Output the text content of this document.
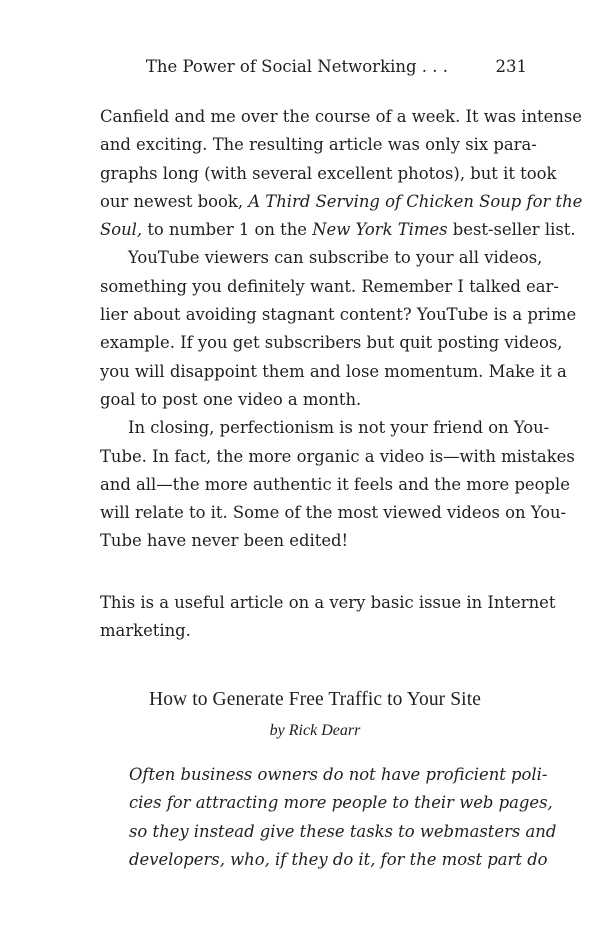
The Power of Social Networking . . .	231
Canfield and me over the course of a week. It was intense
and exciting. The resulting article was only six para-
graphs long (with several excellent photos), but it took
our newest book, A Third Serving of Chicken Soup for the
Soul, to number 1 on the New York Times best-seller list.
YouTube viewers can subscribe to your all videos,
something you definitely want. Remember I talked ear-
lier about avoiding stagnant content? YouTube is a prime
example. If you get subscribers but quit posting videos,
you will disappoint them and lose momentum. Make it a
goal to post one video a month.
In closing, perfectionism is not your friend on You-
Tube. In fact, the more organic a video is—with mistakes
and all—the more authentic it feels and the more people
will relate to it. Some of the most viewed videos on You-
Tube have never been edited!
This is a useful article on a very basic issue in Internet
marketing.
How to Generate Free Traffic to Your Site
by Rick Dearr
Often business owners do not have proficient poli-
cies for attracting more people to their web pages,
so they instead give these tasks to webmasters and
developers, who, if they do it, for the most part do
